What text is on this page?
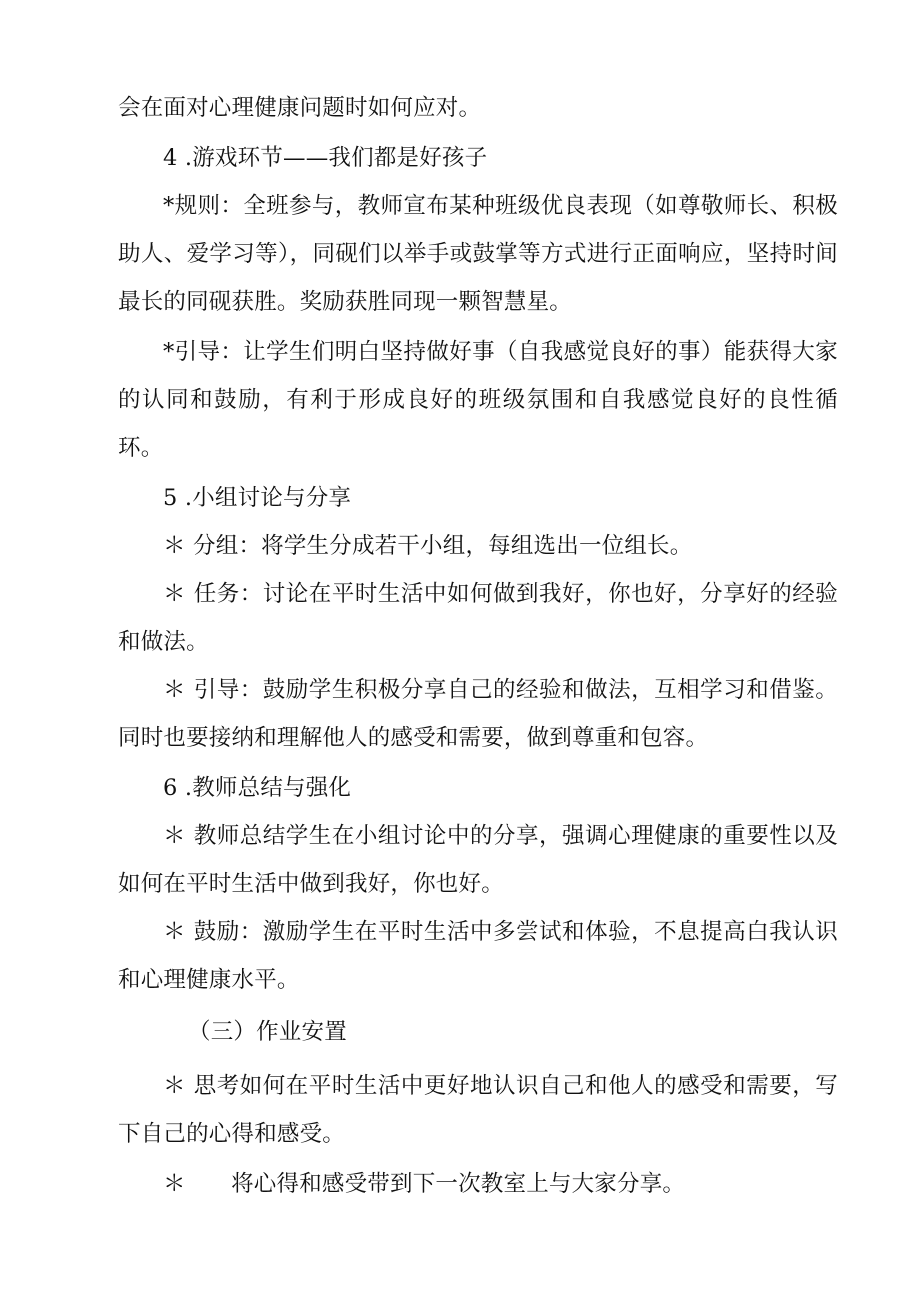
会在面对心理健康问题时如何应对。

4 .游戏环节——我们都是好孩子

*规则：全班参与，教师宣布某种班级优良表现（如尊敬师长、积极助人、爱学习等），同砚们以举手或鼓掌等方式进行正面响应，坚持时间最长的同砚获胜。奖励获胜同现一颗智慧星。

*引导：让学生们明白坚持做好事（自我感觉良好的事）能获得大家的认同和鼓励，有利于形成良好的班级氛围和自我感觉良好的良性循环。

5 .小组讨论与分享

＊ 分组：将学生分成若干小组，每组选出一位组长。

＊ 任务：讨论在平时生活中如何做到我好，你也好，分享好的经验和做法。

＊ 引导：鼓励学生积极分享自己的经验和做法，互相学习和借鉴。同时也要接纳和理解他人的感受和需要，做到尊重和包容。

6 .教师总结与强化

＊ 教师总结学生在小组讨论中的分享，强调心理健康的重要性以及如何在平时生活中做到我好，你也好。

＊ 鼓励：激励学生在平时生活中多尝试和体验，不息提高白我认识和心理健康水平。

（三）作业安置

＊ 思考如何在平时生活中更好地认识自己和他人的感受和需要，写下自己的心得和感受。

＊　　将心得和感受带到下一次教室上与大家分享。
